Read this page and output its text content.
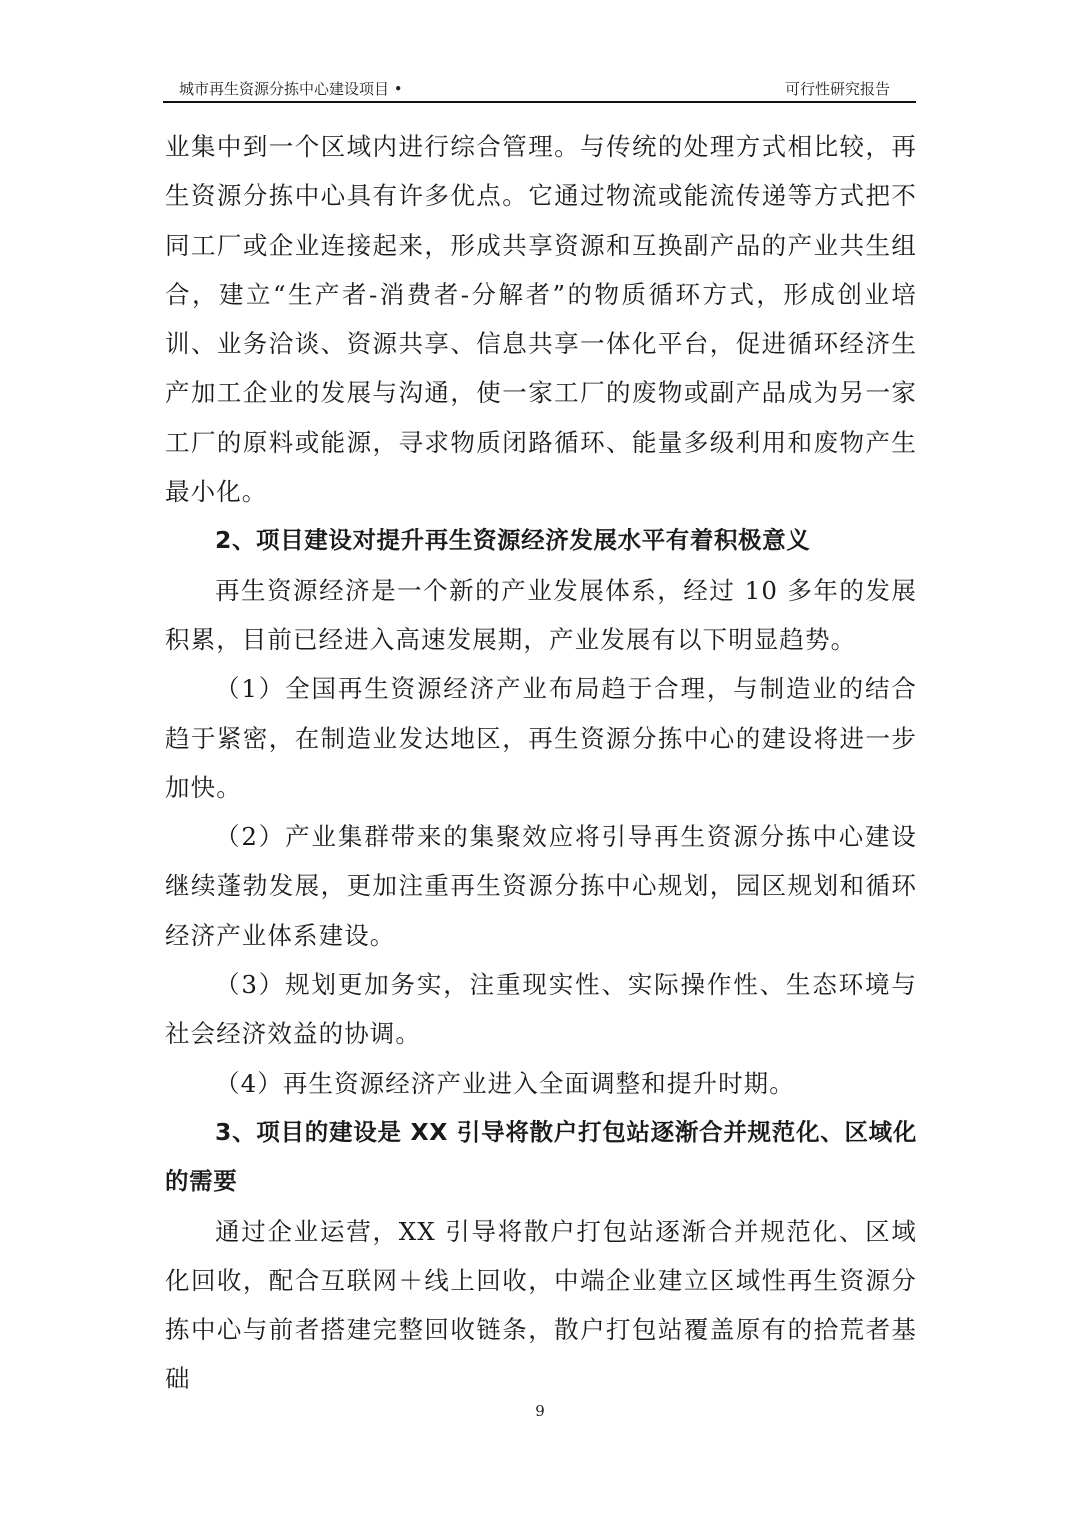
城市再生资源分拣中心建设项目 •	可行性研究报告

业集中到一个区域内进行综合管理。与传统的处理方式相比较，再生资源分拣中心具有许多优点。它通过物流或能流传递等方式把不同工厂或企业连接起来，形成共享资源和互换副产品的产业共生组合，建立“生产者-消费者-分解者”的物质循环方式，形成创业培训、业务洽谈、资源共享、信息共享一体化平台，促进循环经济生产加工企业的发展与沟通，使一家工厂的废物或副产品成为另一家工厂的原料或能源，寻求物质闭路循环、能量多级利用和废物产生最小化。

2、项目建设对提升再生资源经济发展水平有着积极意义

再生资源经济是一个新的产业发展体系，经过 10 多年的发展积累，目前已经进入高速发展期，产业发展有以下明显趋势。

（1）全国再生资源经济产业布局趋于合理，与制造业的结合趋于紧密，在制造业发达地区，再生资源分拣中心的建设将进一步加快。

（2）产业集群带来的集聚效应将引导再生资源分拣中心建设继续蓬勃发展，更加注重再生资源分拣中心规划，园区规划和循环经济产业体系建设。

（3）规划更加务实，注重现实性、实际操作性、生态环境与社会经济效益的协调。

（4）再生资源经济产业进入全面调整和提升时期。

3、项目的建设是 XX 引导将散户打包站逐渐合并规范化、区域化的需要

通过企业运营，XX 引导将散户打包站逐渐合并规范化、区域化回收，配合互联网＋线上回收，中端企业建立区域性再生资源分拣中心与前者搭建完整回收链条，散户打包站覆盖原有的拾荒者基础

9
